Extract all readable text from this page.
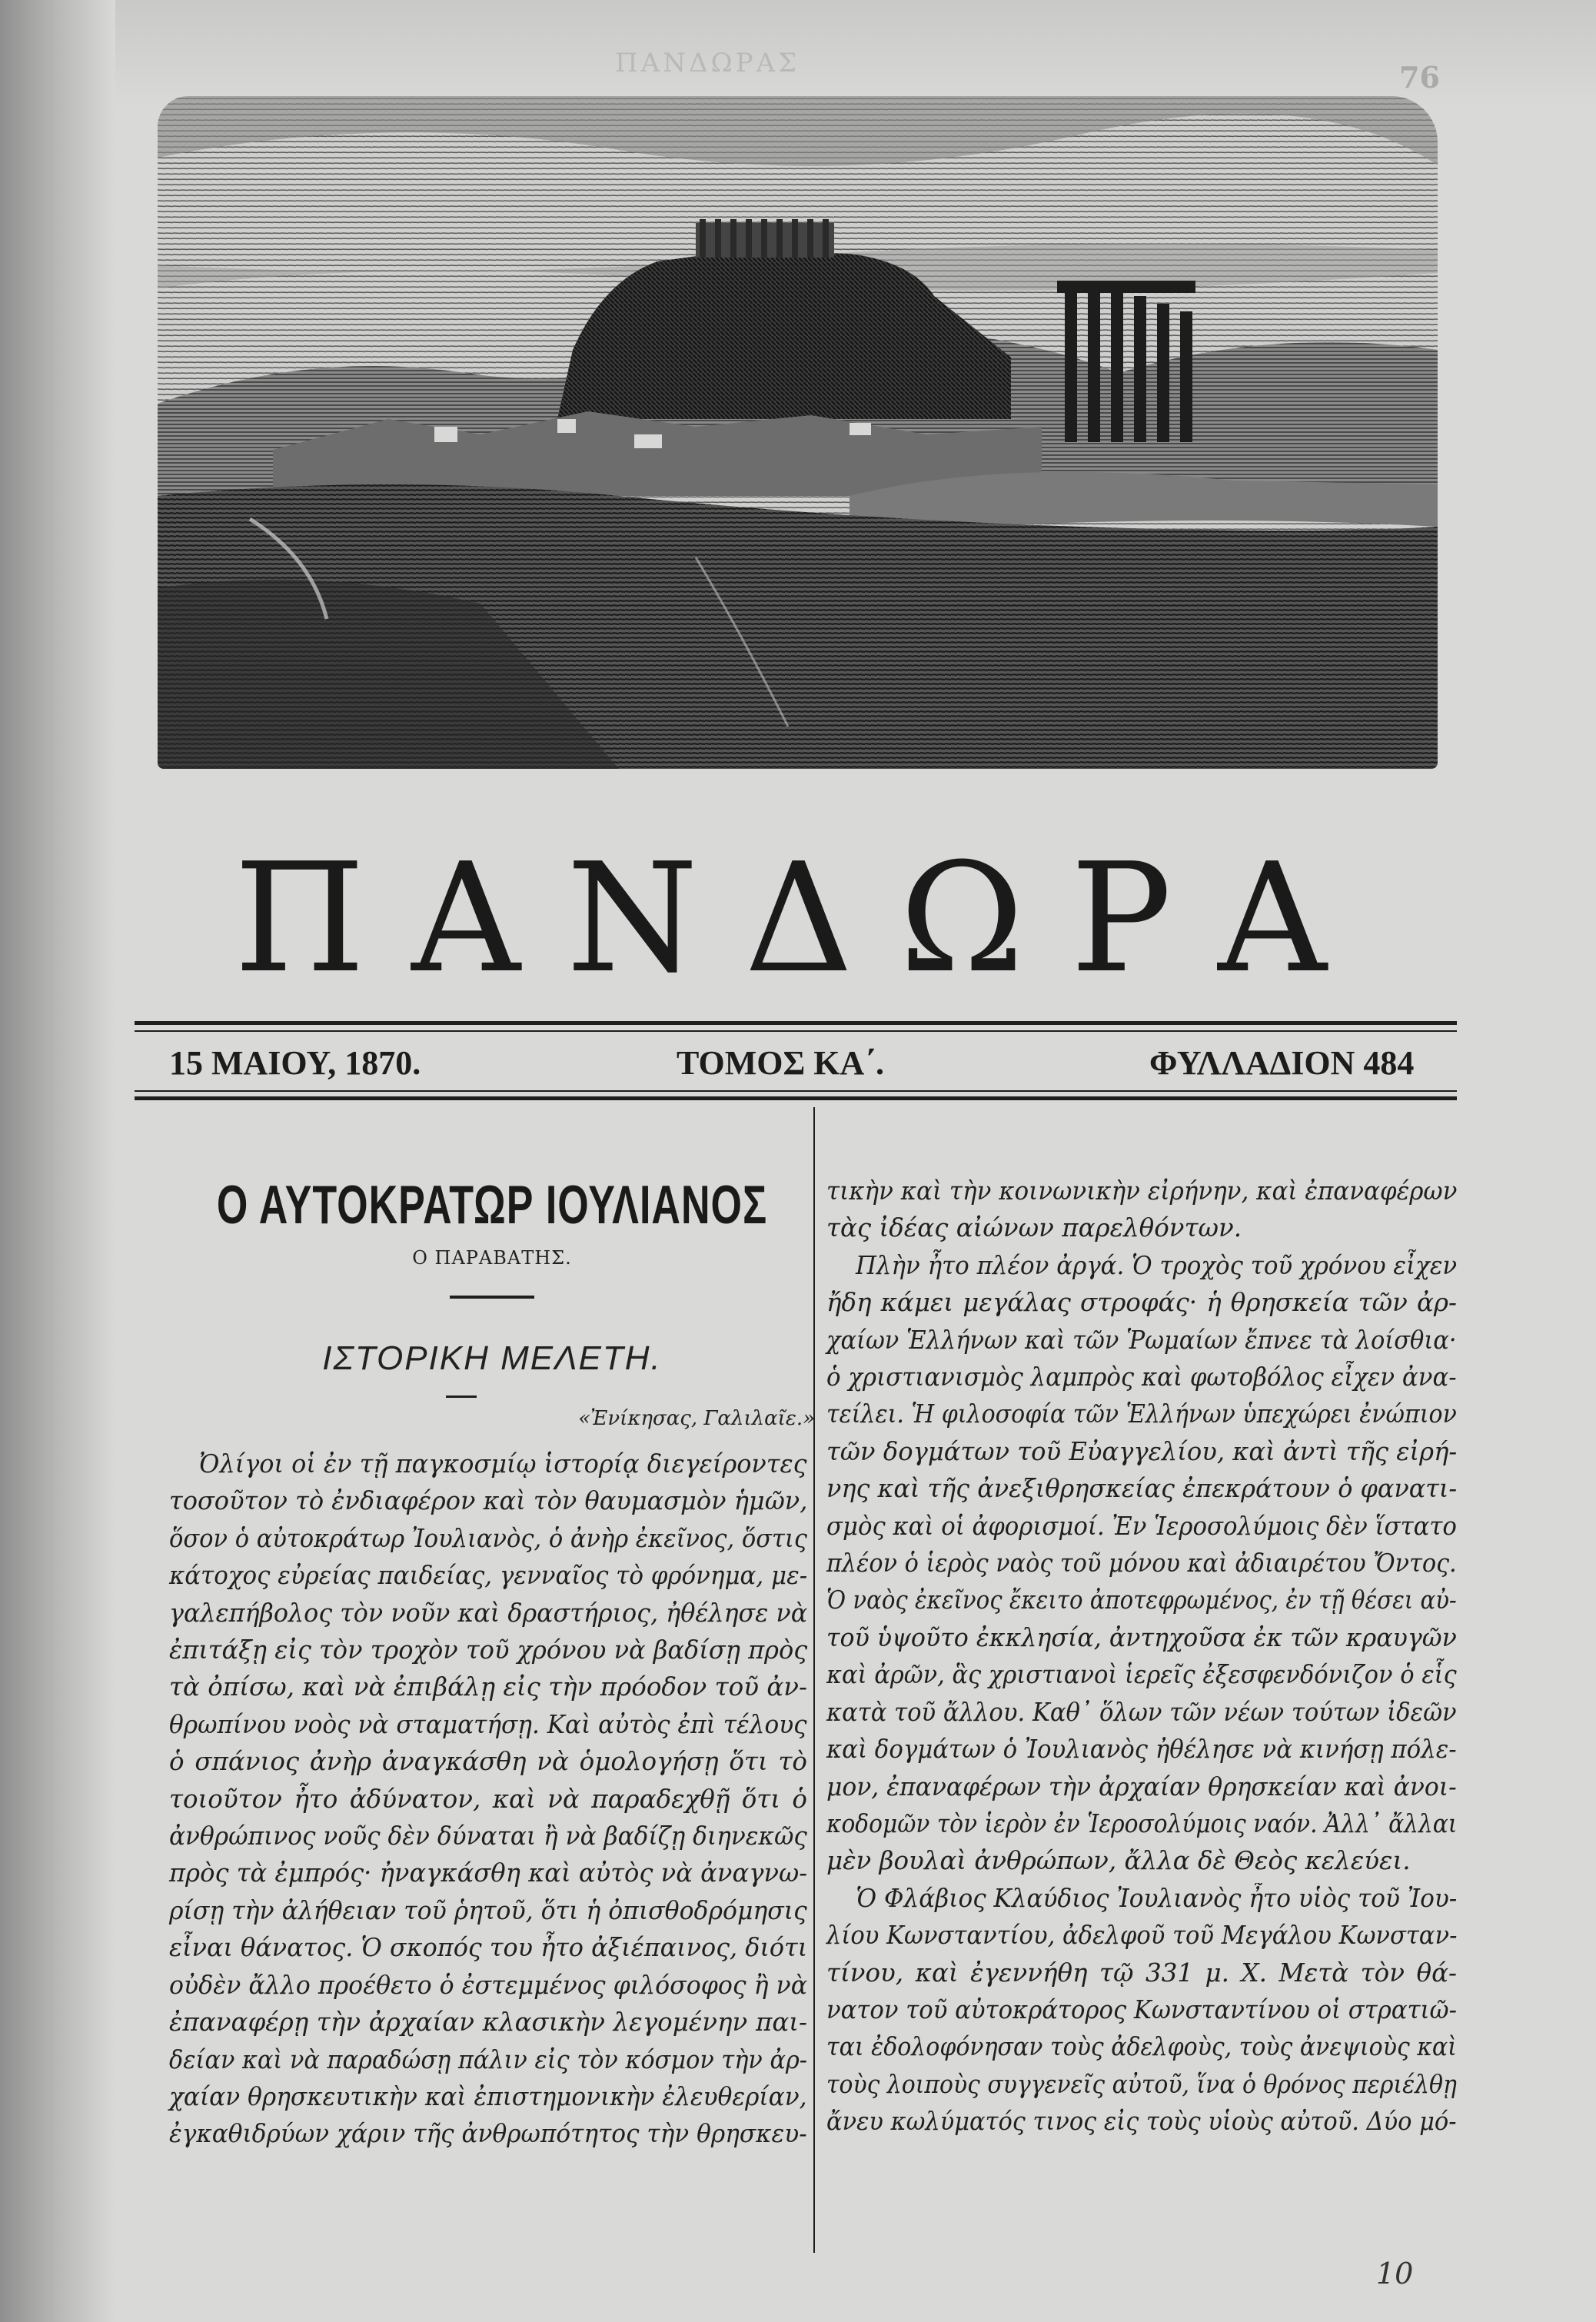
ΠΑΝΔΩΡΑΣ	76
ΠΑΝΔΩΡΑ
15 ΜΑΙΟΥ, 1870.	ΤΟΜΟΣ ΚΑ΄.	ΦΥΛΛΑΔΙΟΝ 484
Ο ΑΥΤΟΚΡΑΤΩΡ ΙΟΥΛΙΑΝΟΣ
Ο ΠΑΡΑΒΑΤΗΣ.
ΙΣΤΟΡΙΚΗ ΜΕΛΕΤΗ.
«Ἐνίκησας, Γαλιλαῖε.»
Ὀλίγοι οἱ ἐν τῇ παγκοσμίῳ ἱστορίᾳ διεγείροντες
τοσοῦτον τὸ ἐνδιαφέρον καὶ τὸν θαυμασμὸν ἡμῶν,
ὅσον ὁ αὐτοκράτωρ Ἰουλιανὸς, ὁ ἀνὴρ ἐκεῖνος, ὅστις
κάτοχος εὐρείας παιδείας, γενναῖος τὸ φρόνημα, με-
γαλεπήβολος τὸν νοῦν καὶ δραστήριος, ἠθέλησε νὰ
ἐπιτάξῃ εἰς τὸν τροχὸν τοῦ χρόνου νὰ βαδίσῃ πρὸς
τὰ ὀπίσω, καὶ νὰ ἐπιβάλῃ εἰς τὴν πρόοδον τοῦ ἀν-
θρωπίνου νοὸς νὰ σταματήσῃ. Καὶ αὐτὸς ἐπὶ τέλους
ὁ σπάνιος ἀνὴρ ἀναγκάσθη νὰ ὁμολογήσῃ ὅτι τὸ
τοιοῦτον ἦτο ἀδύνατον, καὶ νὰ παραδεχθῇ ὅτι ὁ
ἀνθρώπινος νοῦς δὲν δύναται ἢ νὰ βαδίζῃ διηνεκῶς
πρὸς τὰ ἐμπρός· ἠναγκάσθη καὶ αὐτὸς νὰ ἀναγνω-
ρίσῃ τὴν ἀλήθειαν τοῦ ῥητοῦ, ὅτι ἡ ὀπισθοδρόμησις
εἶναι θάνατος. Ὁ σκοπός του ἦτο ἀξιέπαινος, διότι
οὐδὲν ἄλλο προέθετο ὁ ἐστεμμένος φιλόσοφος ἢ νὰ
ἐπαναφέρῃ τὴν ἀρχαίαν κλασικὴν λεγομένην παι-
δείαν καὶ νὰ παραδώσῃ πάλιν εἰς τὸν κόσμον τὴν ἀρ-
χαίαν θρησκευτικὴν καὶ ἐπιστημονικὴν ἐλευθερίαν,
ἐγκαθιδρύων χάριν τῆς ἀνθρωπότητος τὴν θρησκευ-
τικὴν καὶ τὴν κοινωνικὴν εἰρήνην, καὶ ἐπαναφέρων
τὰς ἰδέας αἰώνων παρελθόντων.
Πλὴν ἦτο πλέον ἀργά. Ὁ τροχὸς τοῦ χρόνου εἶχεν
ἤδη κάμει μεγάλας στροφάς· ἡ θρησκεία τῶν ἀρ-
χαίων Ἑλλήνων καὶ τῶν Ῥωμαίων ἔπνεε τὰ λοίσθια·
ὁ χριστιανισμὸς λαμπρὸς καὶ φωτοβόλος εἶχεν ἀνα-
τείλει. Ἡ φιλοσοφία τῶν Ἑλλήνων ὑπεχώρει ἐνώπιον
τῶν δογμάτων τοῦ Εὐαγγελίου, καὶ ἀντὶ τῆς εἰρή-
νης καὶ τῆς ἀνεξιθρησκείας ἐπεκράτουν ὁ φανατι-
σμὸς καὶ οἱ ἀφορισμοί. Ἐν Ἱεροσολύμοις δὲν ἵστατο
πλέον ὁ ἱερὸς ναὸς τοῦ μόνου καὶ ἀδιαιρέτου Ὄντος.
Ὁ ναὸς ἐκεῖνος ἔκειτο ἀποτεφρωμένος, ἐν τῇ θέσει αὐ-
τοῦ ὑψοῦτο ἐκκλησία, ἀντηχοῦσα ἐκ τῶν κραυγῶν
καὶ ἀρῶν, ἃς χριστιανοὶ ἱερεῖς ἐξεσφενδόνιζον ὁ εἷς
κατὰ τοῦ ἄλλου. Καθ᾽ ὅλων τῶν νέων τούτων ἰδεῶν
καὶ δογμάτων ὁ Ἰουλιανὸς ἠθέλησε νὰ κινήσῃ πόλε-
μον, ἐπαναφέρων τὴν ἀρχαίαν θρησκείαν καὶ ἀνοι-
κοδομῶν τὸν ἱερὸν ἐν Ἱεροσολύμοις ναόν. Ἀλλ᾽ ἄλλαι
μὲν βουλαὶ ἀνθρώπων, ἄλλα δὲ Θεὸς κελεύει.
Ὁ Φλάβιος Κλαύδιος Ἰουλιανὸς ἦτο υἱὸς τοῦ Ἰου-
λίου Κωνσταντίου, ἀδελφοῦ τοῦ Μεγάλου Κωνσταν-
τίνου, καὶ ἐγεννήθη τῷ 331 μ. Χ. Μετὰ τὸν θά-
νατον τοῦ αὐτοκράτορος Κωνσταντίνου οἱ στρατιῶ-
ται ἐδολοφόνησαν τοὺς ἀδελφοὺς, τοὺς ἀνεψιοὺς καὶ
τοὺς λοιποὺς συγγενεῖς αὐτοῦ, ἵνα ὁ θρόνος περιέλθῃ
ἄνευ κωλύματός τινος εἰς τοὺς υἱοὺς αὐτοῦ. Δύο μό-
10
